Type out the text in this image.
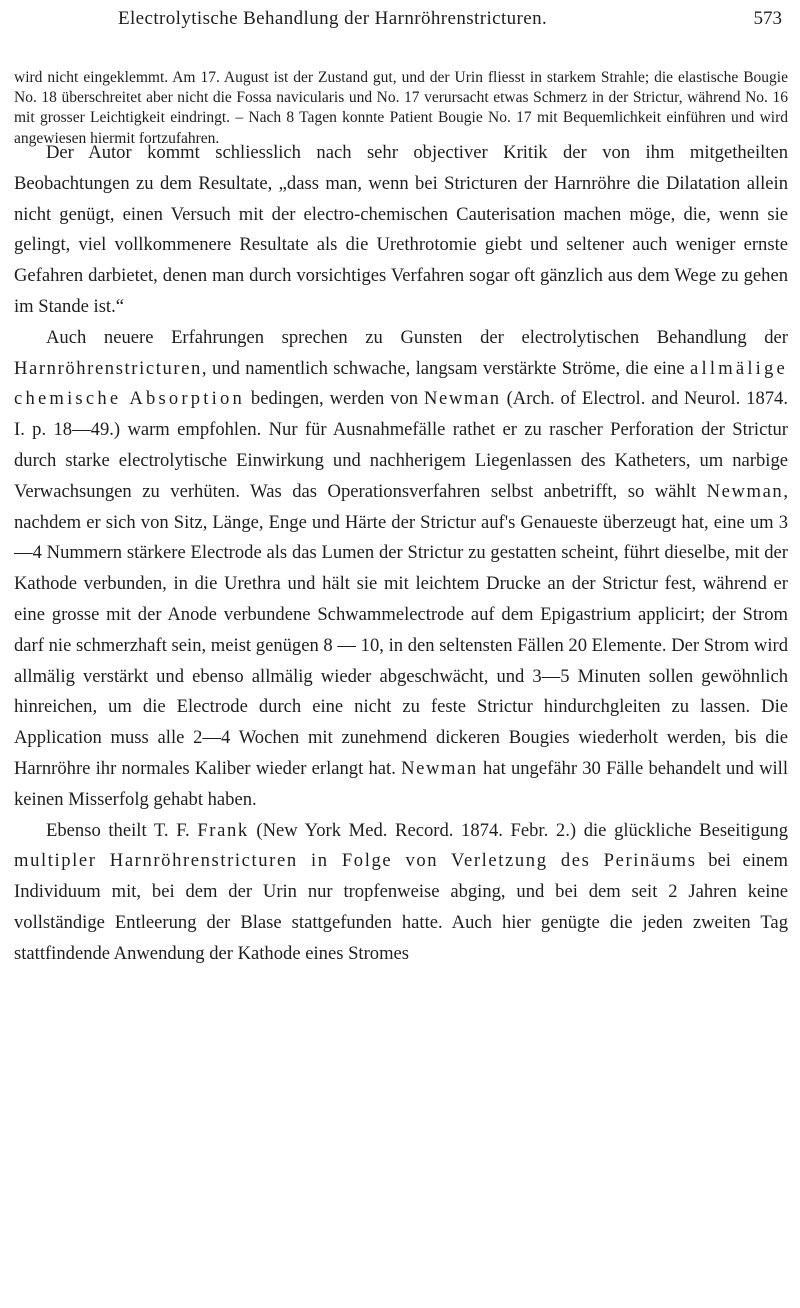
Electrolytische Behandlung der Harnröhrenstricturen.	573

wird nicht eingeklemmt. Am 17. August ist der Zustand gut, und der Urin fliesst in starkem Strahle; die elastische Bougie No. 18 überschreitet aber nicht die Fossa navicularis und No. 17 verursacht etwas Schmerz in der Strictur, während No. 16 mit grosser Leichtigkeit eindringt. – Nach 8 Tagen konnte Patient Bougie No. 17 mit Bequemlichkeit einführen und wird angewiesen hiermit fortzufahren.

Der Autor kommt schliesslich nach sehr objectiver Kritik der von ihm mitgetheilten Beobachtungen zu dem Resultate, „dass man, wenn bei Stricturen der Harnröhre die Dilatation allein nicht genügt, einen Versuch mit der electro-chemischen Cauterisation machen möge, die, wenn sie gelingt, viel vollkommenere Resultate als die Urethrotomie giebt und seltener auch weniger ernste Gefahren darbietet, denen man durch vorsichtiges Verfahren sogar oft gänzlich aus dem Wege zu gehen im Stande ist.“

Auch neuere Erfahrungen sprechen zu Gunsten der electrolytischen Behandlung der Harnröhrenstricturen, und namentlich schwache, langsam verstärkte Ströme, die eine allmälige chemische Absorption bedingen, werden von Newman (Arch. of Electrol. and Neurol. 1874. I. p. 18—49.) warm empfohlen. Nur für Ausnahmefälle rathet er zu rascher Perforation der Strictur durch starke electrolytische Einwirkung und nachherigem Liegenlassen des Katheters, um narbige Verwachsungen zu verhüten. Was das Operationsverfahren selbst anbetrifft, so wählt Newman, nachdem er sich von Sitz, Länge, Enge und Härte der Strictur auf's Genaueste überzeugt hat, eine um 3—4 Nummern stärkere Electrode als das Lumen der Strictur zu gestatten scheint, führt dieselbe, mit der Kathode verbunden, in die Urethra und hält sie mit leichtem Drucke an der Strictur fest, während er eine grosse mit der Anode verbundene Schwammelectrode auf dem Epigastrium applicirt; der Strom darf nie schmerzhaft sein, meist genügen 8 — 10, in den seltensten Fällen 20 Elemente. Der Strom wird allmälig verstärkt und ebenso allmälig wieder abgeschwächt, und 3—5 Minuten sollen gewöhnlich hinreichen, um die Electrode durch eine nicht zu feste Strictur hindurchgleiten zu lassen. Die Application muss alle 2—4 Wochen mit zunehmend dickeren Bougies wiederholt werden, bis die Harnröhre ihr normales Kaliber wieder erlangt hat. Newman hat ungefähr 30 Fälle behandelt und will keinen Misserfolg gehabt haben.

Ebenso theilt T. F. Frank (New York Med. Record. 1874. Febr. 2.) die glückliche Beseitigung multipler Harnröhrenstricturen in Folge von Verletzung des Perinäums bei einem Individuum mit, bei dem der Urin nur tropfenweise abging, und bei dem seit 2 Jahren keine vollständige Entleerung der Blase stattgefunden hatte. Auch hier genügte die jeden zweiten Tag stattfindende Anwendung der Kathode eines Stromes
